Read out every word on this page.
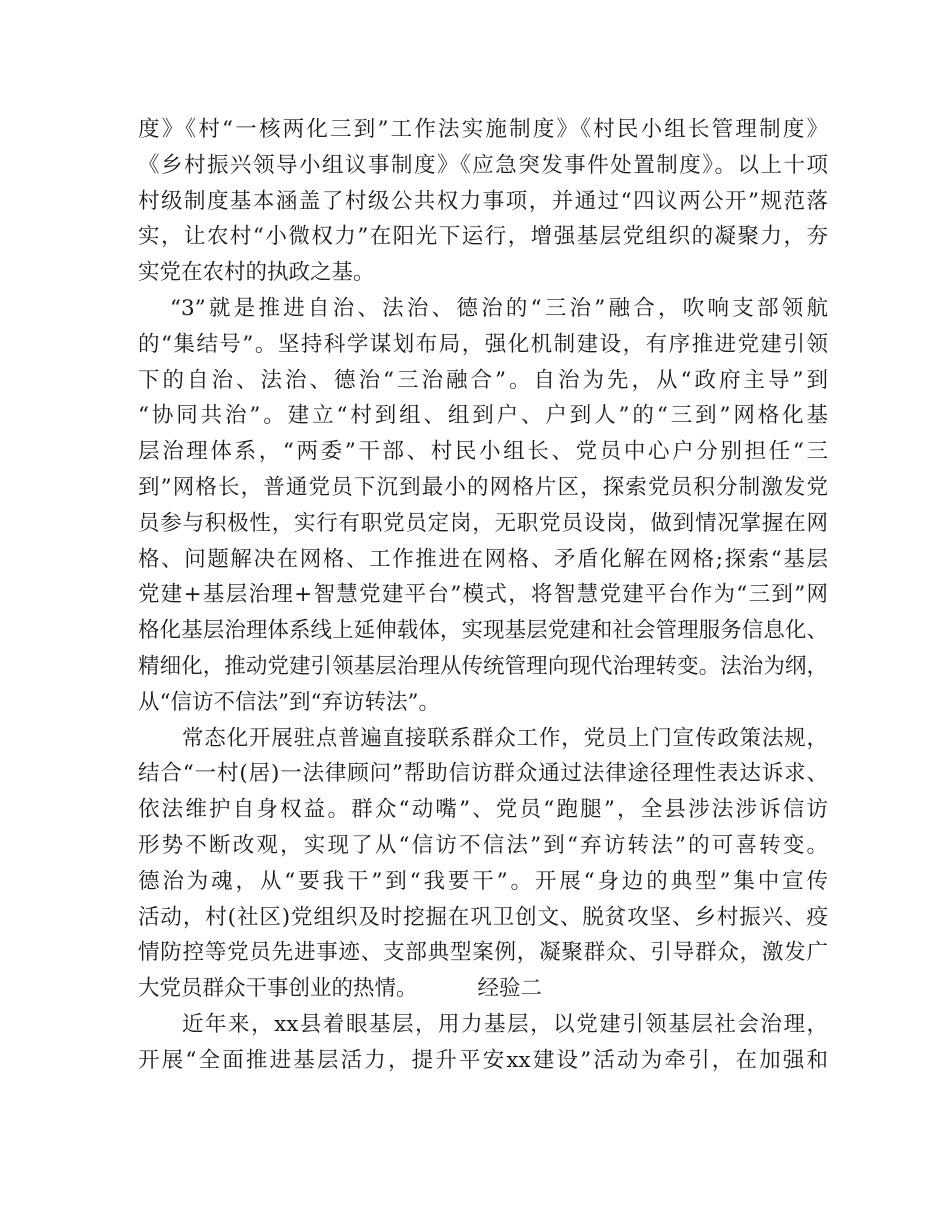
度》《村“一核两化三到”工作法实施制度》《村民小组长管理制度》
《乡村振兴领导小组议事制度》《应急突发事件处置制度》。以上十项
村级制度基本涵盖了村级公共权力事项，并通过“四议两公开”规范落
实，让农村“小微权力”在阳光下运行，增强基层党组织的凝聚力，夯
实党在农村的执政之基。
“3”就是推进自治、法治、德治的“三治”融合，吹响支部领航
的“集结号”。坚持科学谋划布局，强化机制建设，有序推进党建引领
下的自治、法治、德治“三治融合”。自治为先，从“政府主导”到
“协同共治”。建立“村到组、组到户、户到人”的“三到”网格化基
层治理体系，“两委”干部、村民小组长、党员中心户分别担任“三
到”网格长，普通党员下沉到最小的网格片区，探索党员积分制激发党
员参与积极性，实行有职党员定岗，无职党员设岗，做到情况掌握在网
格、问题解决在网格、工作推进在网格、矛盾化解在网格;探索“基层
党建+基层治理+智慧党建平台”模式，将智慧党建平台作为“三到”网
格化基层治理体系线上延伸载体，实现基层党建和社会管理服务信息化、
精细化，推动党建引领基层治理从传统管理向现代治理转变。法治为纲，
从“信访不信法”到“弃访转法”。
常态化开展驻点普遍直接联系群众工作，党员上门宣传政策法规，
结合“一村(居)一法律顾问”帮助信访群众通过法律途径理性表达诉求、
依法维护自身权益。群众“动嘴”、党员“跑腿”，全县涉法涉诉信访
形势不断改观，实现了从“信访不信法”到“弃访转法”的可喜转变。
德治为魂，从“要我干”到“我要干”。开展“身边的典型”集中宣传
活动，村(社区)党组织及时挖掘在巩卫创文、脱贫攻坚、乡村振兴、疫
情防控等党员先进事迹、支部典型案例，凝聚群众、引导群众，激发广
大党员群众干事创业的热情。	经验二
近年来，xx县着眼基层，用力基层，以党建引领基层社会治理，
开展“全面推进基层活力，提升平安xx建设”活动为牵引，在加强和
